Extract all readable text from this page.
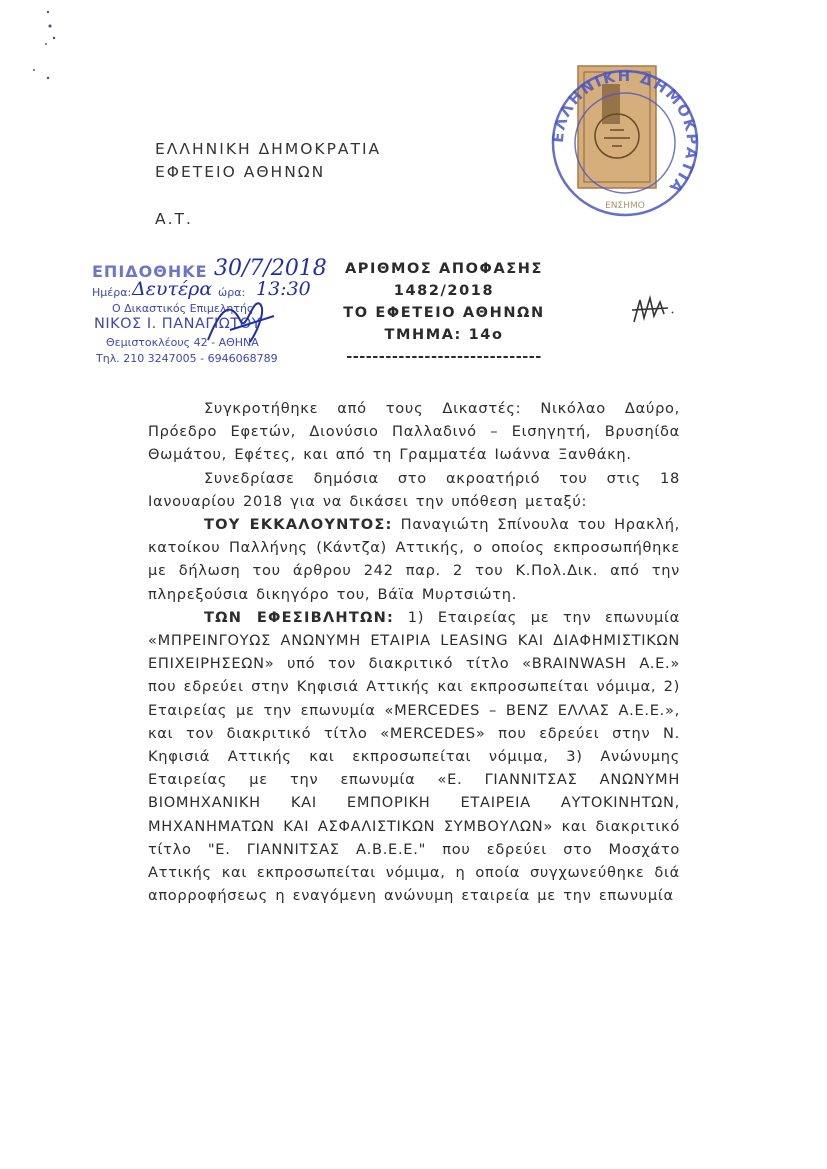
ΕΛΛΗΝΙΚΗ ΔΗΜΟΚΡΑΤΙΑ
ΕΦΕΤΕΙΟ ΑΘΗΝΩΝ
Α.Τ.
ΕΛΛΗΝΙΚΗ ΔΗΜΟΚΡΑΤΙΑ
ΕΝΣΗΜΟ
ΕΠΙΔΟΘΗΚΕ 30/7/2018
Ημέρα: Δευτέρα ώρα: 13:30
Ο Δικαστικός Επιμελητής
ΝΙΚΟΣ Ι. ΠΑΝΑΓΙΩΤΟΥ
Θεμιστοκλέους 42 - ΑΘΗΝΑ
Τηλ. 210 3247005 - 6946068789
ΑΡΙΘΜΟΣ ΑΠΟΦΑΣΗΣ
1482/2018
ΤΟ ΕΦΕΤΕΙΟ ΑΘΗΝΩΝ
ΤΜΗΜΑ: 14ο
------------------------------

Συγκροτήθηκε από τους Δικαστές: Νικόλαο Δαύρο, Πρόεδρο Εφετών, Διονύσιο Παλλαδινό – Εισηγητή, Βρυσηίδα Θωμάτου, Εφέτες, και από τη Γραμματέα Ιωάννα Ξανθάκη.

Συνεδρίασε δημόσια στο ακροατήριό του στις 18 Ιανουαρίου 2018 για να δικάσει την υπόθεση μεταξύ:

ΤΟΥ ΕΚΚΑΛΟΥΝΤΟΣ: Παναγιώτη Σπίνουλα του Ηρακλή, κατοίκου Παλλήνης (Κάντζα) Αττικής, ο οποίος εκπροσωπήθηκε με δήλωση του άρθρου 242 παρ. 2 του Κ.Πολ.Δικ. από την πληρεξούσια δικηγόρο του, Βάϊα Μυρτσιώτη.

ΤΩΝ ΕΦΕΣΙΒΛΗΤΩΝ: 1) Εταιρείας με την επωνυμία «ΜΠΡΕΙΝΓΟΥΩΣ ΑΝΩΝΥΜΗ ΕΤΑΙΡΙΑ LEASING ΚΑΙ ΔΙΑΦΗΜΙΣΤΙΚΩΝ ΕΠΙΧΕΙΡΗΣΕΩΝ» υπό τον διακριτικό τίτλο «BRAINWASH A.E.» που εδρεύει στην Κηφισιά Αττικής και εκπροσωπείται νόμιμα, 2) Εταιρείας με την επωνυμία «MERCEDES – BENZ ΕΛΛΑΣ Α.Ε.Ε.», και τον διακριτικό τίτλο «MERCEDES» που εδρεύει στην Ν. Κηφισιά Αττικής και εκπροσωπείται νόμιμα, 3) Ανώνυμης Εταιρείας με την επωνυμία «Ε. ΓΙΑΝΝΙΤΣΑΣ ΑΝΩΝΥΜΗ ΒΙΟΜΗΧΑΝΙΚΗ ΚΑΙ ΕΜΠΟΡΙΚΗ ΕΤΑΙΡΕΙΑ ΑΥΤΟΚΙΝΗΤΩΝ, ΜΗΧΑΝΗΜΑΤΩΝ ΚΑΙ ΑΣΦΑΛΙΣΤΙΚΩΝ ΣΥΜΒΟΥΛΩΝ» και διακριτικό τίτλο "Ε. ΓΙΑΝΝΙΤΣΑΣ Α.Β.Ε.Ε." που εδρεύει στο Μοσχάτο Αττικής και εκπροσωπείται νόμιμα, η οποία συγχωνεύθηκε διά απορροφήσεως η εναγόμενη ανώνυμη εταιρεία με την επωνυμία
